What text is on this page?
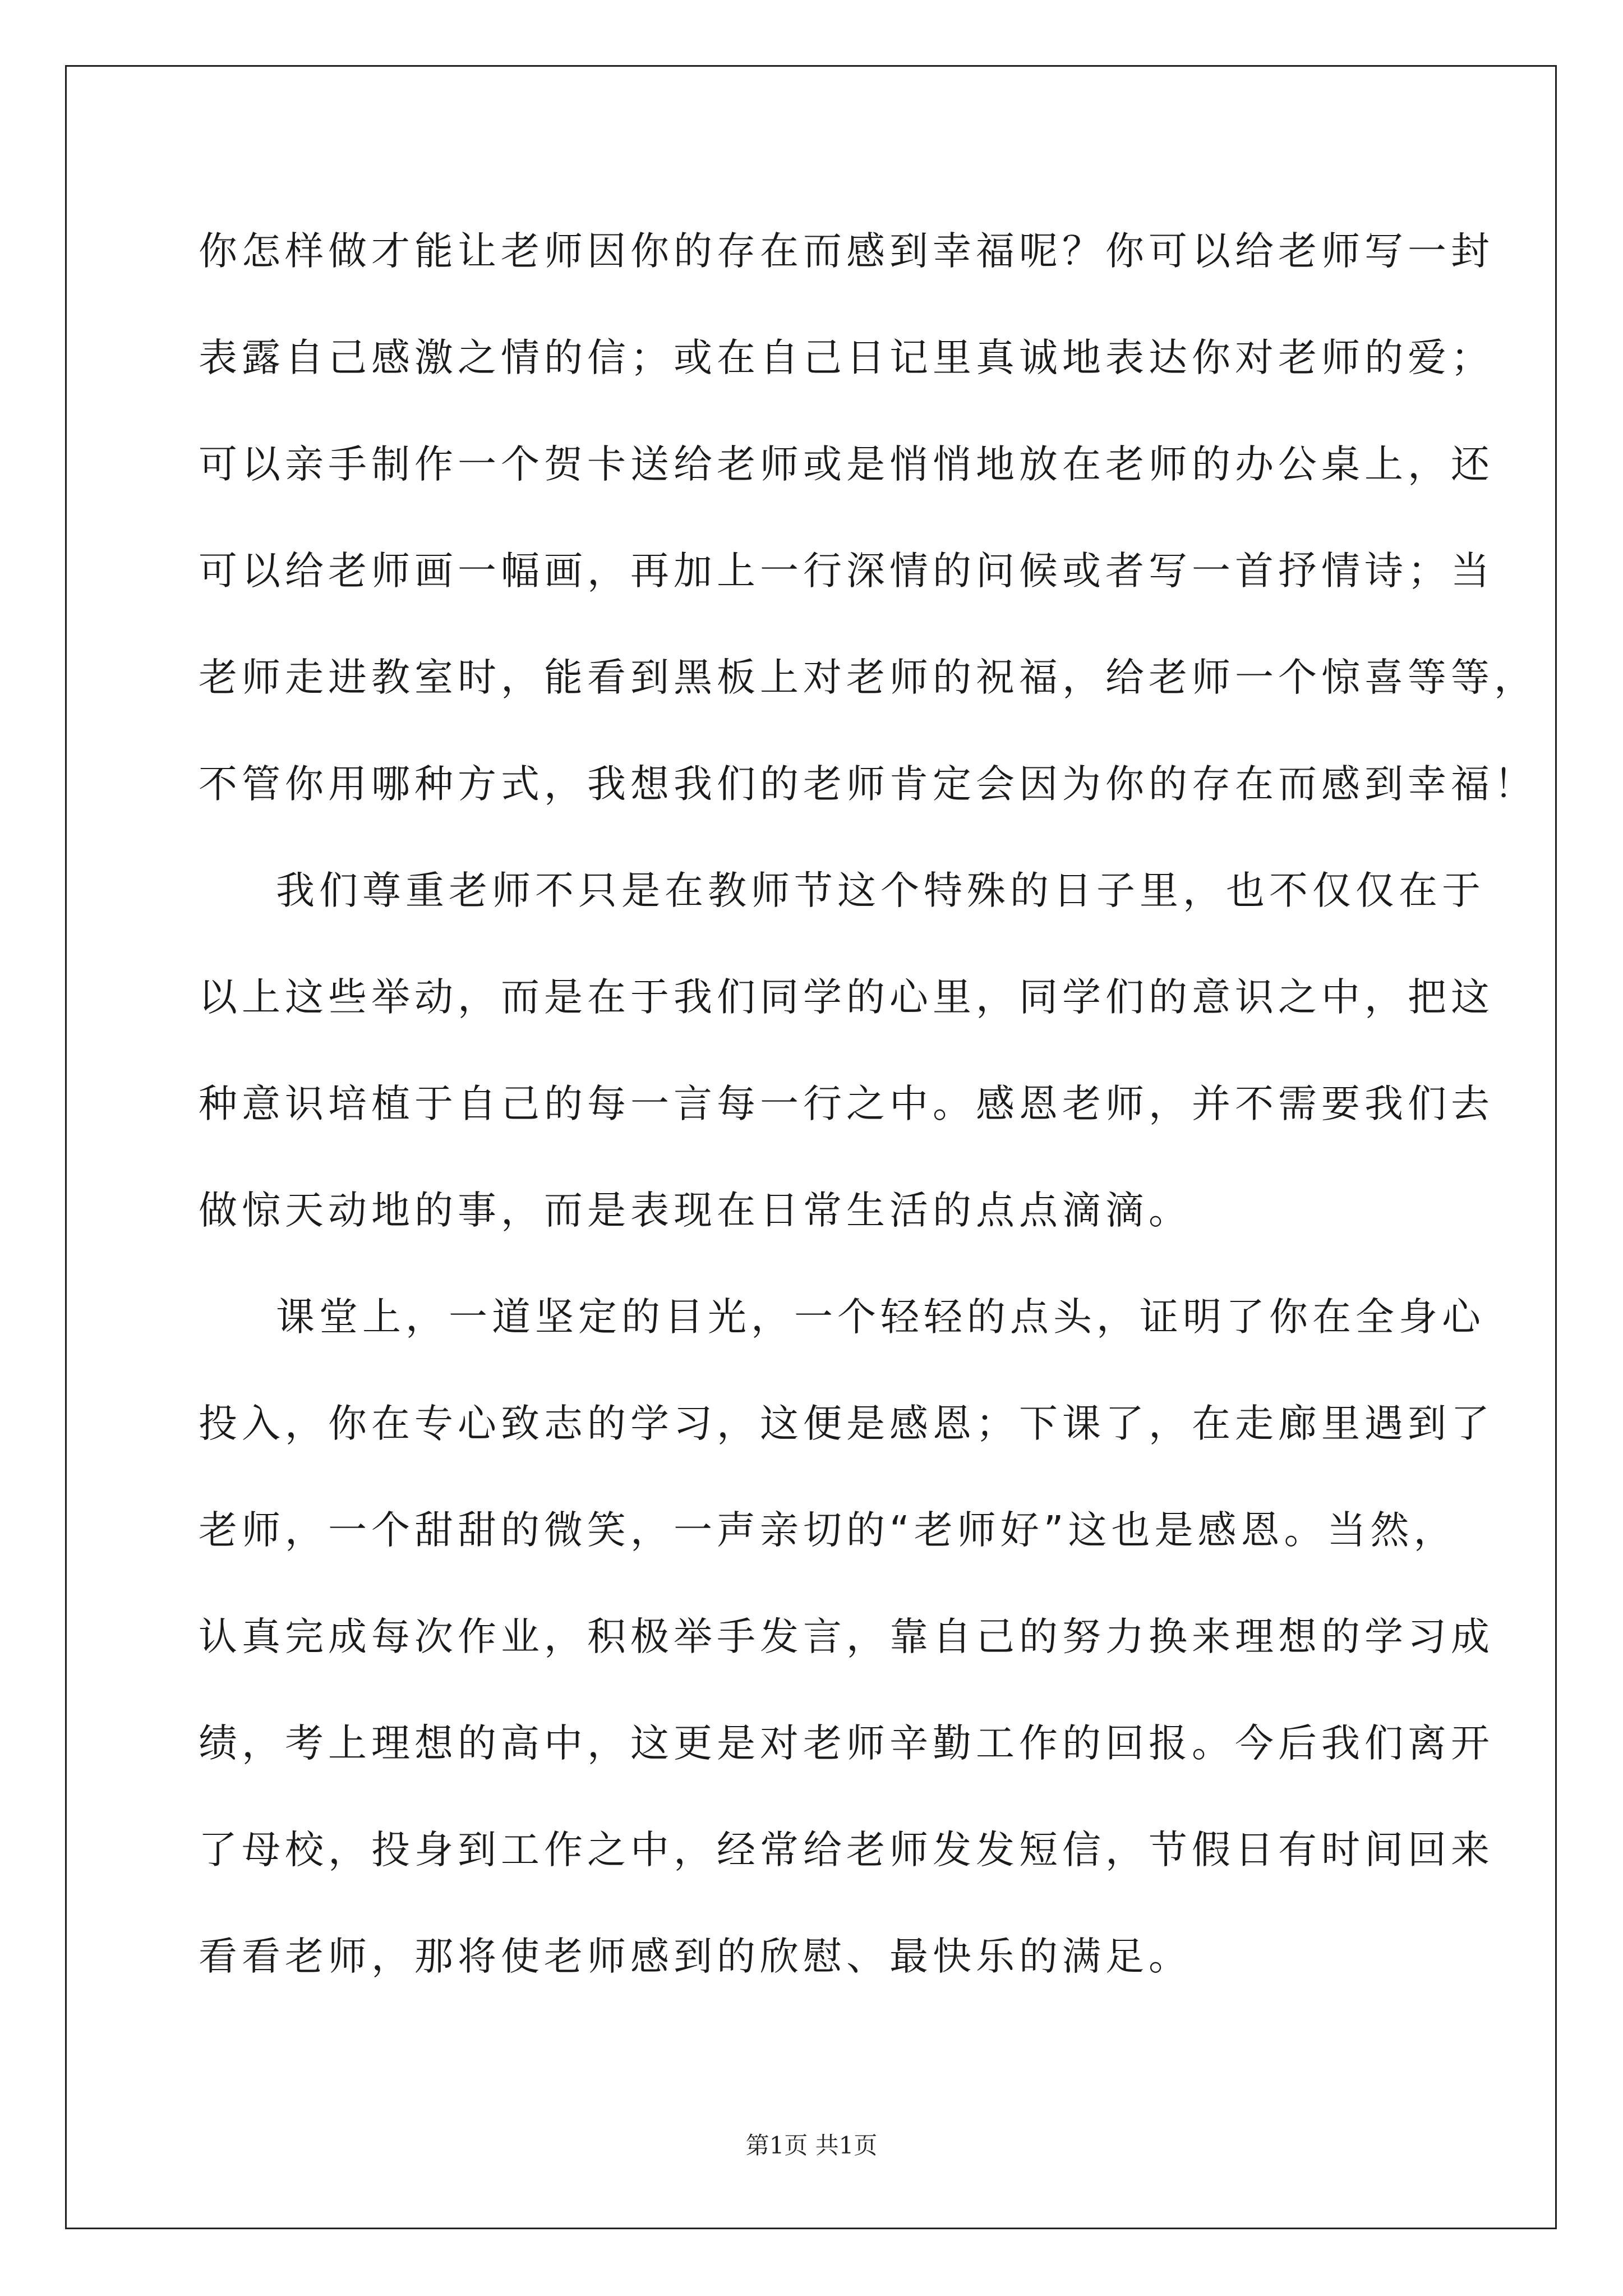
你怎样做才能让老师因你的存在而感到幸福呢？你可以给老师写一封
表露自己感激之情的信；或在自己日记里真诚地表达你对老师的爱；
可以亲手制作一个贺卡送给老师或是悄悄地放在老师的办公桌上，还
可以给老师画一幅画，再加上一行深情的问候或者写一首抒情诗；当
老师走进教室时，能看到黑板上对老师的祝福，给老师一个惊喜等等，
不管你用哪种方式，我想我们的老师肯定会因为你的存在而感到幸福！
我们尊重老师不只是在教师节这个特殊的日子里，也不仅仅在于
以上这些举动，而是在于我们同学的心里，同学们的意识之中，把这
种意识培植于自己的每一言每一行之中。感恩老师，并不需要我们去
做惊天动地的事，而是表现在日常生活的点点滴滴。
课堂上，一道坚定的目光，一个轻轻的点头，证明了你在全身心
投入，你在专心致志的学习，这便是感恩；下课了，在走廊里遇到了
老师，一个甜甜的微笑，一声亲切的“老师好”这也是感恩。当然，
认真完成每次作业，积极举手发言，靠自己的努力换来理想的学习成
绩，考上理想的高中，这更是对老师辛勤工作的回报。今后我们离开
了母校，投身到工作之中，经常给老师发发短信，节假日有时间回来
看看老师，那将使老师感到的欣慰、最快乐的满足。
第1页 共1页
